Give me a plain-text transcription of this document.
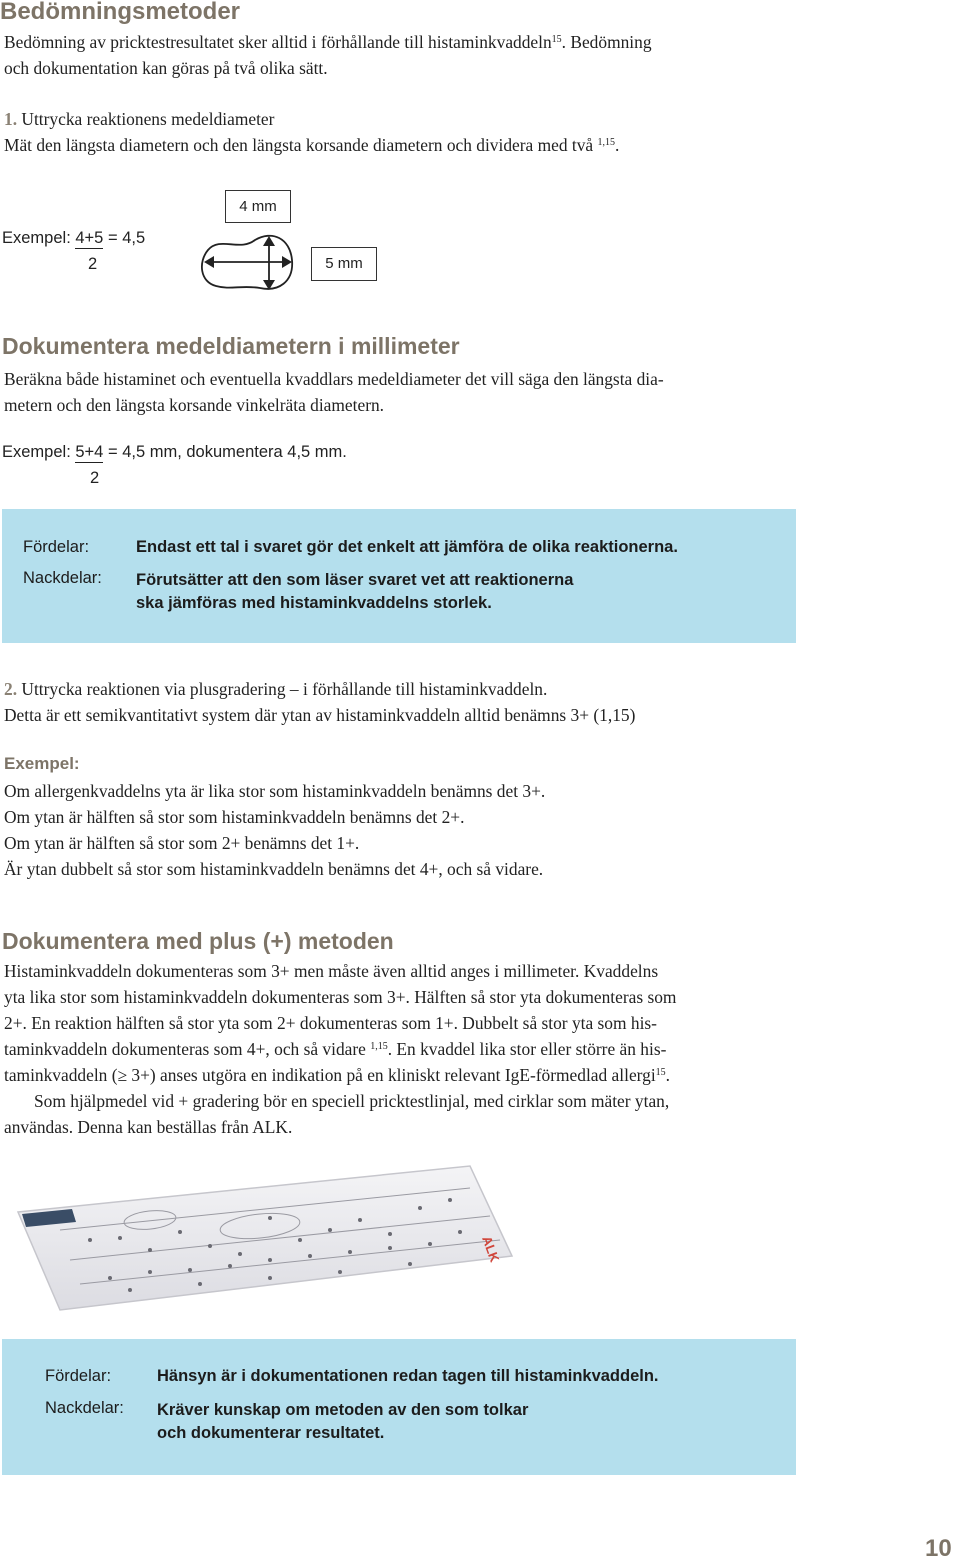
Bedömningsmetoder
Bedömning av pricktestresultatet sker alltid i förhållande till histaminkvaddeln$^{15}$. Bedömning
och dokumentation kan göras på två olika sätt.
1. Uttrycka reaktionens medeldiameter
Mät den längsta diametern och den längsta korsande diametern och dividera med två $^{1,15}$.
Exempel: 4+5 = 4,5
2
4 mm
5 mm
Dokumentera medeldiametern i millimeter
Beräkna både histaminet och eventuella kvaddlars medeldiameter det vill säga den längsta dia-
metern och den längsta korsande vinkelräta diametern.
Exempel: 5+4 = 4,5 mm, dokumentera 4,5 mm.
2
Fördelar:	Endast ett tal i svaret gör det enkelt att jämföra de olika reaktionerna.
Nackdelar: Förutsätter att den som läser svaret vet att reaktionerna
ska jämföras med histaminkvaddelns storlek.
2. Uttrycka reaktionen via plusgradering – i förhållande till histaminkvaddeln.
Detta är ett semikvantitativt system där ytan av histaminkvaddeln alltid benämns 3+ (1,15)
Exempel:
Om allergenkvaddelns yta är lika stor som histaminkvaddeln benämns det 3+.
Om ytan är hälften så stor som histaminkvaddeln benämns det 2+.
Om ytan är hälften så stor som 2+ benämns det 1+.
Är ytan dubbelt så stor som histaminkvaddeln benämns det 4+, och så vidare.
Dokumentera med plus (+) metoden
Histaminkvaddeln dokumenteras som 3+ men måste även alltid anges i millimeter. Kvaddelns
yta lika stor som histaminkvaddeln dokumenteras som 3+. Hälften så stor yta dokumenteras som
2+. En reaktion hälften så stor yta som 2+ dokumenteras som 1+. Dubbelt så stor yta som his-
taminkvaddeln dokumenteras som 4+, och så vidare $^{1,15}$. En kvaddel lika stor eller större än his-
taminkvaddeln (≥ 3+) anses utgöra en indikation på en kliniskt relevant IgE-förmedlad allergi$^{15}$.
Som hjälpmedel vid + gradering bör en speciell pricktestlinjal, med cirklar som mäter ytan,
användas. Denna kan beställas från ALK.
ALK
Fördelar:	Hänsyn är i dokumentationen redan tagen till histaminkvaddeln.
Nackdelar: Kräver kunskap om metoden av den som tolkar
och dokumenterar resultatet.
10
